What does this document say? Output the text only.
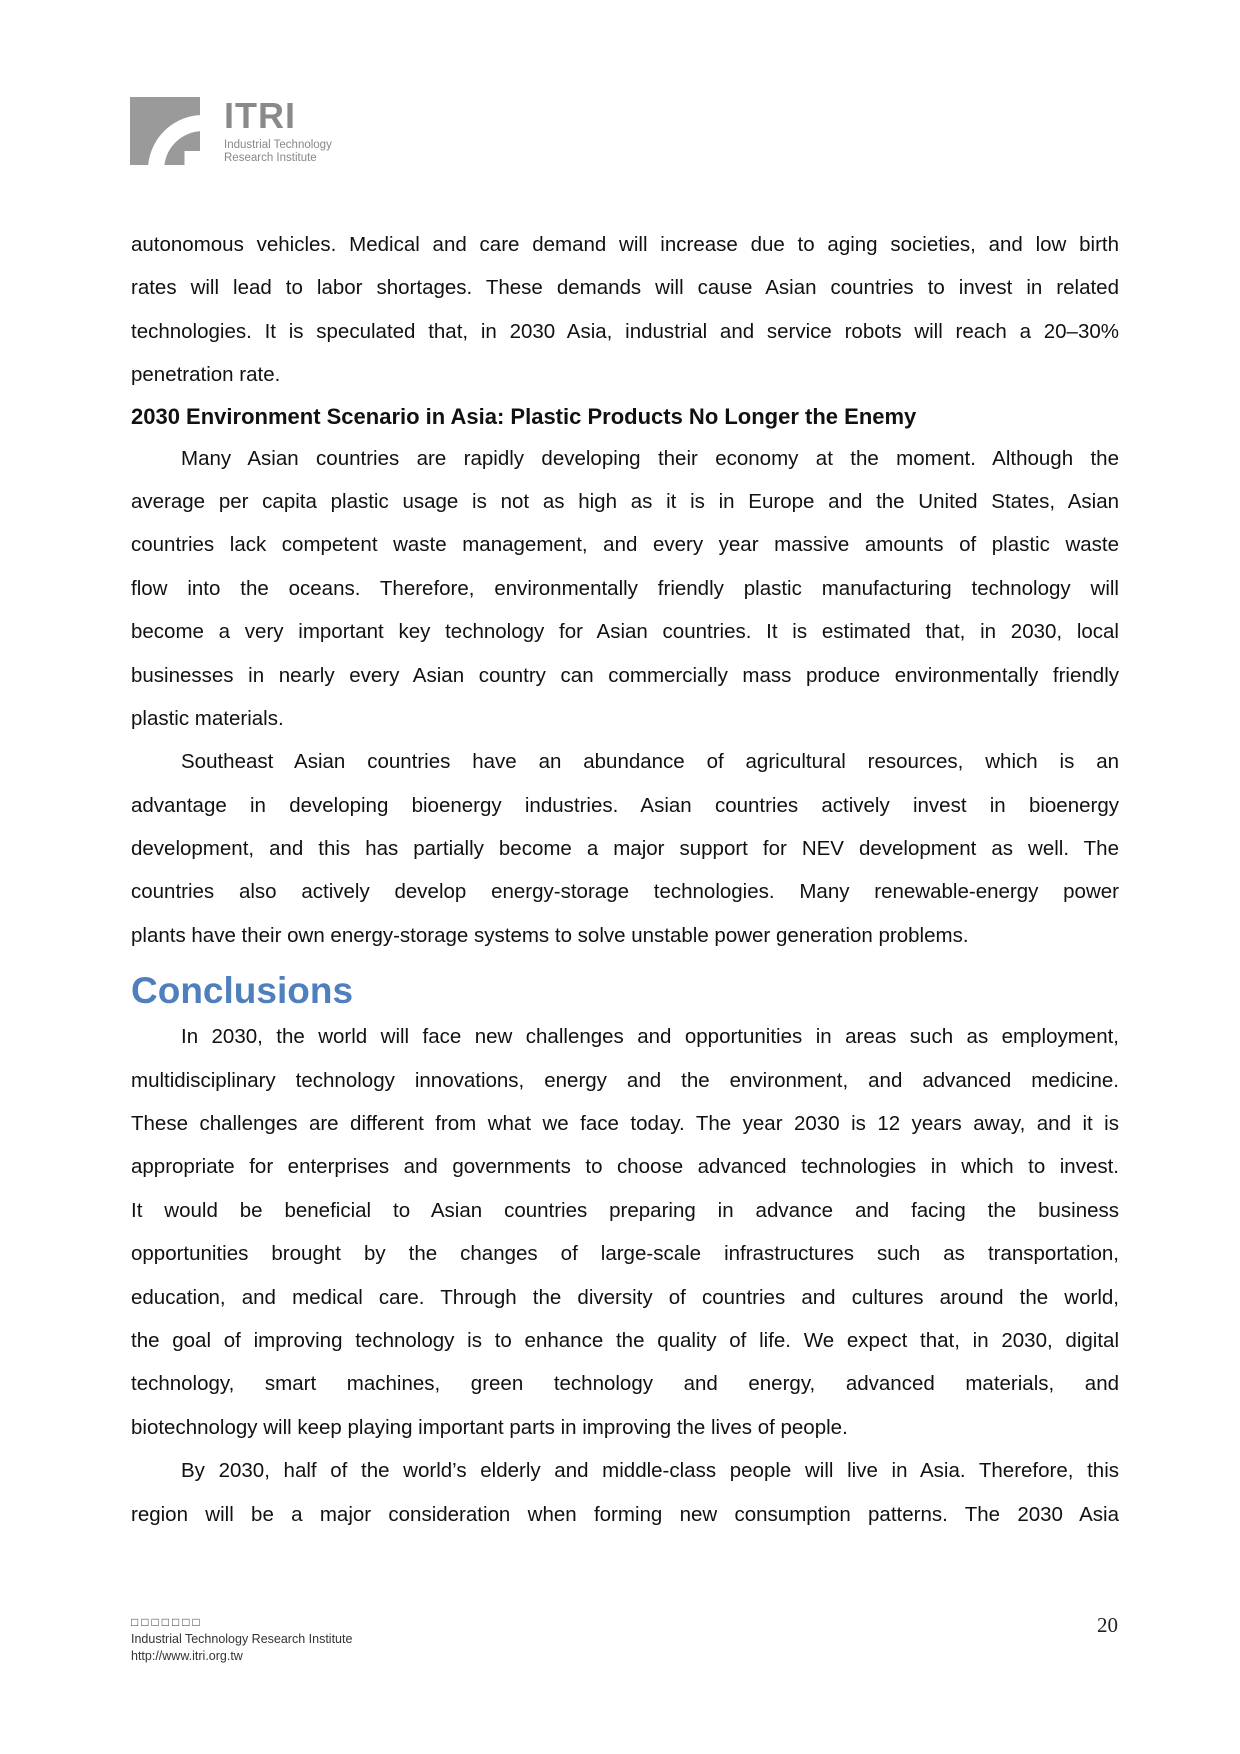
ITRI
Industrial Technology
Research Institute
autonomous vehicles. Medical and care demand will increase due to aging societies, and low birth
rates will lead to labor shortages. These demands will cause Asian countries to invest in related
technologies. It is speculated that, in 2030 Asia, industrial and service robots will reach a 20–30%
penetration rate.
2030 Environment Scenario in Asia: Plastic Products No Longer the Enemy
Many Asian countries are rapidly developing their economy at the moment. Although the
average per capita plastic usage is not as high as it is in Europe and the United States, Asian
countries lack competent waste management, and every year massive amounts of plastic waste
flow into the oceans. Therefore, environmentally friendly plastic manufacturing technology will
become a very important key technology for Asian countries. It is estimated that, in 2030, local
businesses in nearly every Asian country can commercially mass produce environmentally friendly
plastic materials.
Southeast Asian countries have an abundance of agricultural resources, which is an
advantage in developing bioenergy industries. Asian countries actively invest in bioenergy
development, and this has partially become a major support for NEV development as well. The
countries also actively develop energy-storage technologies. Many renewable-energy power
plants have their own energy-storage systems to solve unstable power generation problems.
Conclusions
In 2030, the world will face new challenges and opportunities in areas such as employment,
multidisciplinary technology innovations, energy and the environment, and advanced medicine.
These challenges are different from what we face today. The year 2030 is 12 years away, and it is
appropriate for enterprises and governments to choose advanced technologies in which to invest.
It would be beneficial to Asian countries preparing in advance and facing the business
opportunities brought by the changes of large-scale infrastructures such as transportation,
education, and medical care. Through the diversity of countries and cultures around the world,
the goal of improving technology is to enhance the quality of life. We expect that, in 2030, digital
technology, smart machines, green technology and energy, advanced materials, and
biotechnology will keep playing important parts in improving the lives of people.
By 2030, half of the world’s elderly and middle-class people will live in Asia. Therefore, this
region will be a major consideration when forming new consumption patterns. The 2030 Asia
□□□□□□□
Industrial Technology Research Institute
http://www.itri.org.tw
20
